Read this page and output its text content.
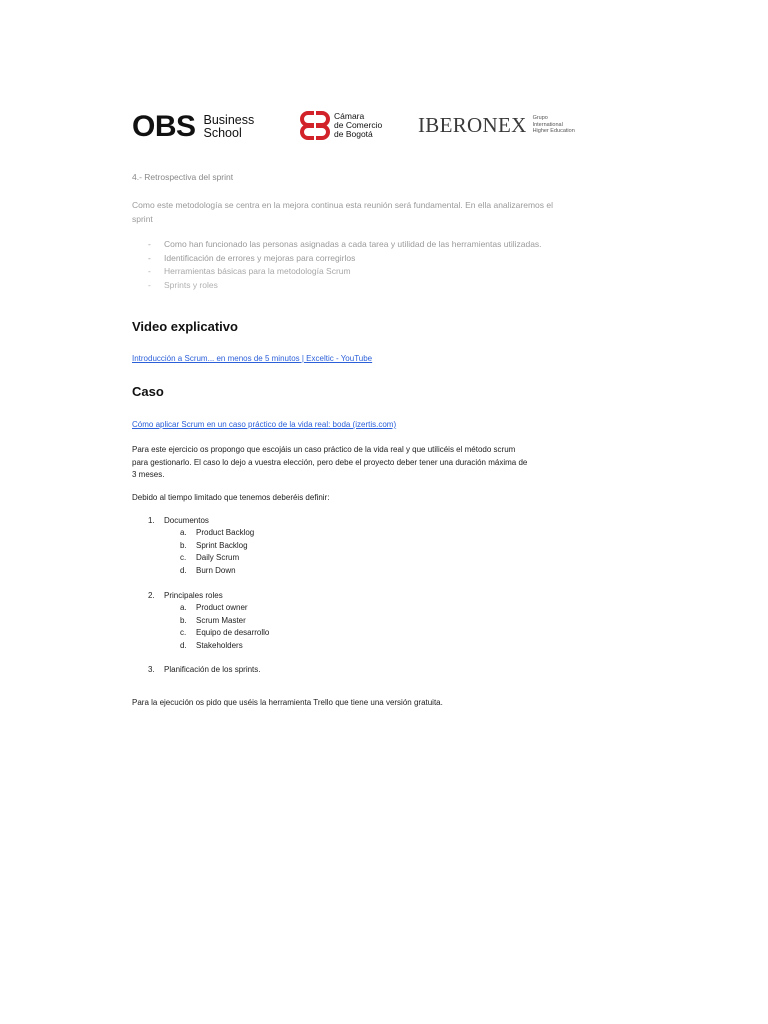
OBS Business
School
Cámara
de Comercio
de Bogotá	IBERONEX Grupo
International
Higher Education
4.- Retrospectiva del sprint

Como este metodología se centra en la mejora continua esta reunión será fundamental. En ella analizaremos el sprint

- Como han funcionado las personas asignadas a cada tarea y utilidad de las herramientas utilizadas.
- Identificación de errores y mejoras para corregirlos
- Herramientas básicas para la metodología Scrum
- Sprints y roles
Video explicativo
Introducción a Scrum... en menos de 5 minutos | Exceltic - YouTube
Caso
Cómo aplicar Scrum en un caso práctico de la vida real: boda (izertis.com)

Para este ejercicio os propongo que escojáis un caso práctico de la vida real y que utilicéis el método scrum para gestionarlo. El caso lo dejo a vuestra elección, pero debe el proyecto deber tener una duración máxima de 3 meses.

Debido al tiempo limitado que tenemos deberéis definir:

1. Documentos
a. Product Backlog
b. Sprint Backlog
c. Daily Scrum
d. Burn Down
2. Principales roles
a. Product owner
b. Scrum Master
c. Equipo de desarrollo
d. Stakeholders
3. Planificación de los sprints.

Para la ejecución os pido que uséis la herramienta Trello que tiene una versión gratuita.
